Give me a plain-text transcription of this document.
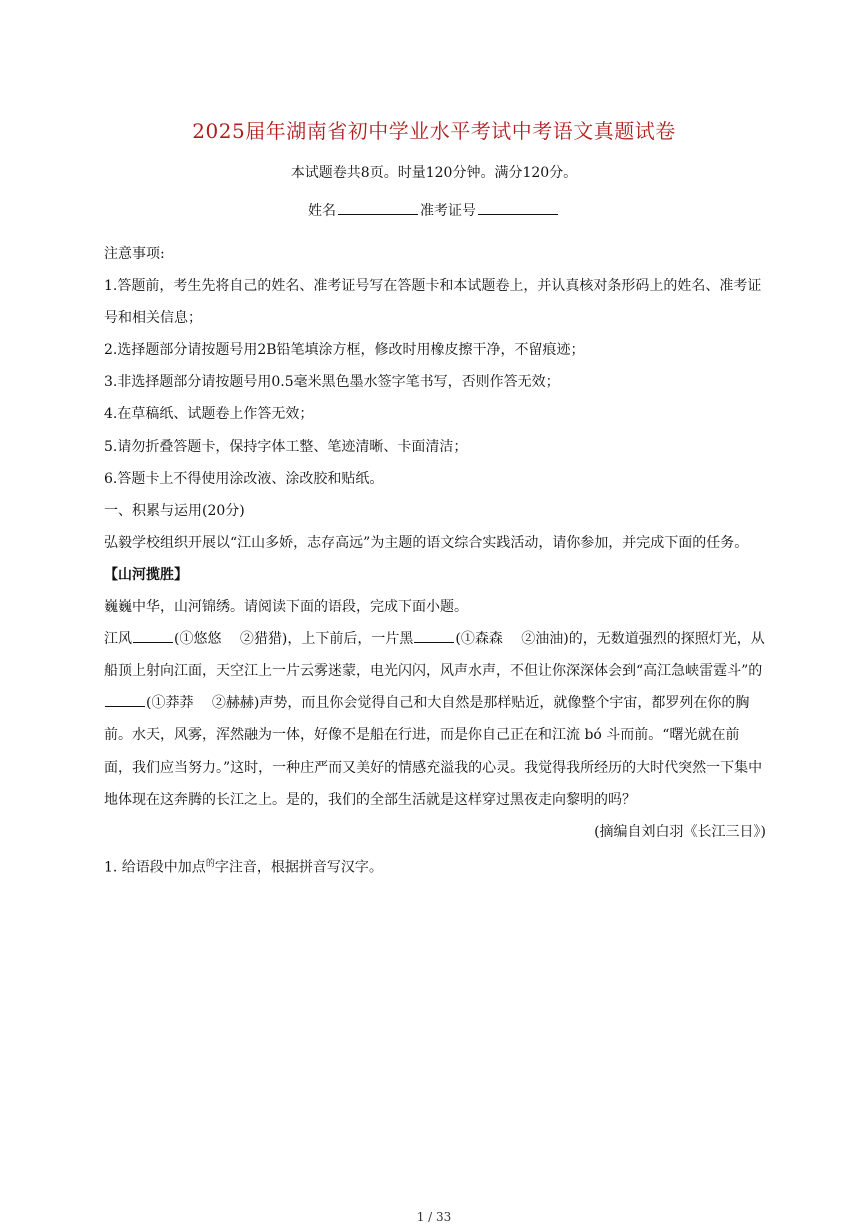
2025届年湖南省初中学业水平考试中考语文真题试卷
本试题卷共8页。时量120分钟。满分120分。
姓名	准考证号

注意事项:

1.答题前，考生先将自己的姓名、准考证号写在答题卡和本试题卷上，并认真核对条形码上的姓名、准考证号和相关信息；

2.选择题部分请按题号用2B铅笔填涂方框，修改时用橡皮擦干净，不留痕迹；

3.非选择题部分请按题号用0.5毫米黑色墨水签字笔书写，否则作答无效；

4.在草稿纸、试题卷上作答无效；

5.请勿折叠答题卡，保持字体工整、笔迹清晰、卡面清洁；

6.答题卡上不得使用涂改液、涂改胶和贴纸。

一、积累与运用(20分)

弘毅学校组织开展以“江山多娇，志存高远”为主题的语文综合实践活动，请你参加，并完成下面的任务。

【山河揽胜】

巍巍中华，山河锦绣。请阅读下面的语段，完成下面小题。

江风	(①悠悠　 ②猎猎)，上下前后，一片黑	(①森森　 ②油油)的，无数道强烈的探照灯光，从船顶上射向江面，天空江上一片云雾迷蒙，电光闪闪，风声水声，不但让你深深体会到“高江急峡雷霆斗”的(①莽莽　 ②赫赫)声势，而且你会觉得自己和大自然是那样贴近，就像整个宇宙，都罗列在你的胸前。水天，风雾，浑然融为一体，好像不是船在行进，而是你自己正在和江流 bó 斗而前。“曙光就在前面，我们应当努力。”这时，一种庄严而又美好的情感充溢我的心灵。我觉得我所经历的大时代突然一下集中地体现在这奔腾的长江之上。是的，我们的全部生活就是这样穿过黑夜走向黎明的吗？

(摘编自刘白羽《长江三日》)

1. 给语段中加点$^的$字注音，根据拼音写汉字。

1 / 33
